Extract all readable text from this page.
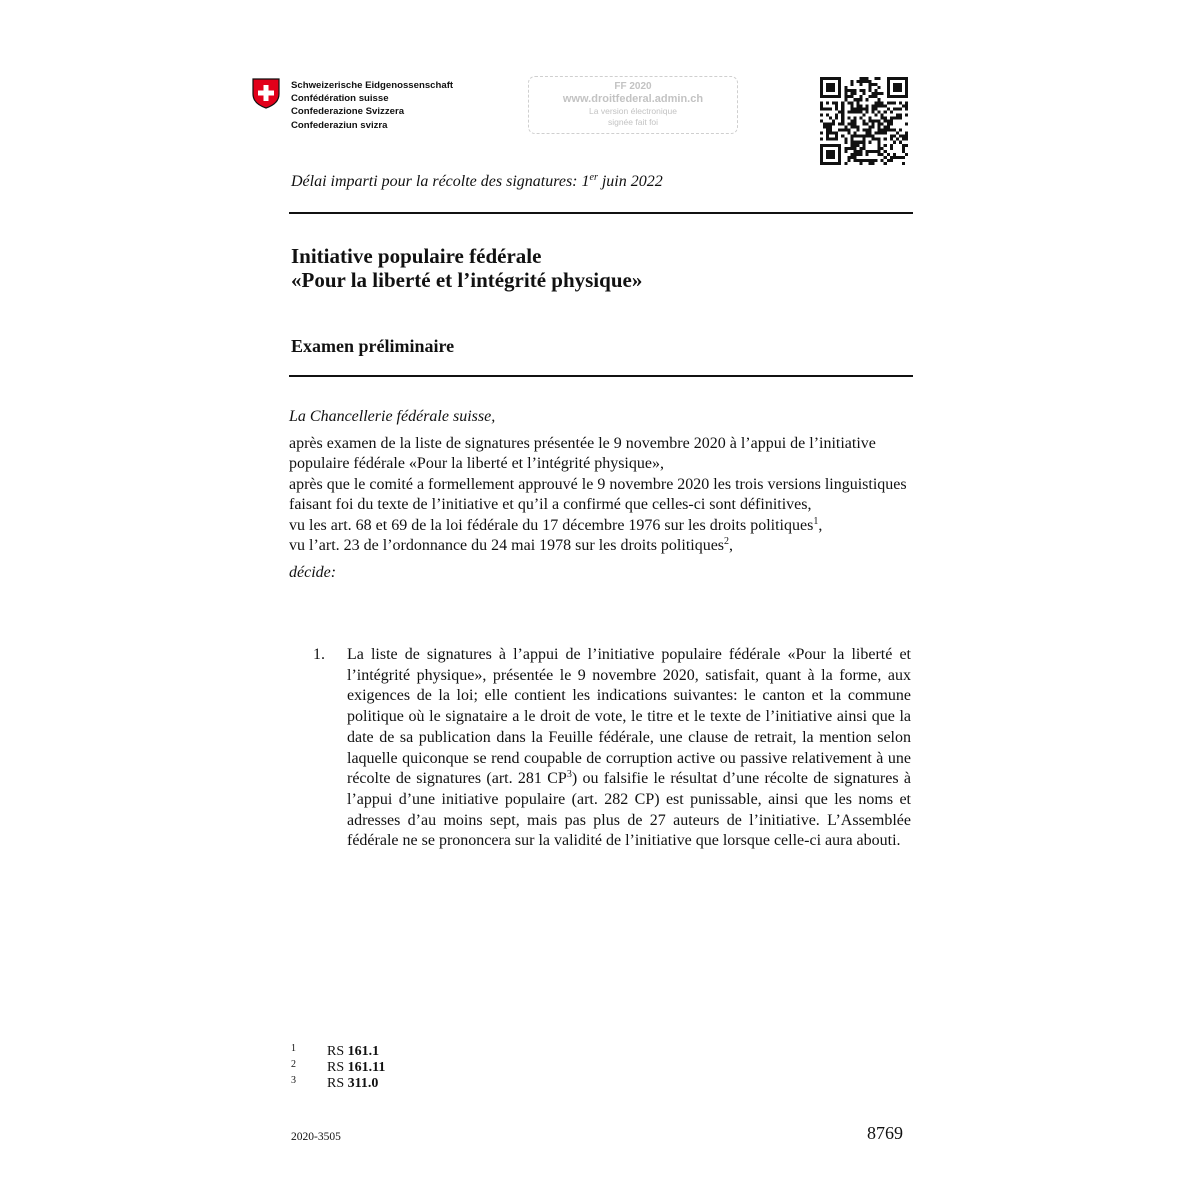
Schweizerische Eidgenossenschaft
Confédération suisse
Confederazione Svizzera
Confederaziun svizra
FF 2020
www.droitfederal.admin.ch
La version électronique
signée fait foi
Délai imparti pour la récolte des signatures: 1er juin 2022
Initiative populaire fédérale
«Pour la liberté et l’intégrité physique»
Examen préliminaire

La Chancellerie fédérale suisse,

après examen de la liste de signatures présentée le 9 novembre 2020 à l’appui de l’initiative populaire fédérale «Pour la liberté et l’intégrité physique»,

après que le comité a formellement approuvé le 9 novembre 2020 les trois versions linguistiques faisant foi du texte de l’initiative et qu’il a confirmé que celles-ci sont définitives,

vu les art. 68 et 69 de la loi fédérale du 17 décembre 1976 sur les droits politiques$^1$,

vu l’art. 23 de l’ordonnance du 24 mai 1978 sur les droits politiques$^2$,

décide:

1. La liste de signatures à l’appui de l’initiative populaire fédérale «Pour la liberté et l’intégrité physique», présentée le 9 novembre 2020, satisfait, quant à la forme, aux exigences de la loi; elle contient les indications suivantes: le canton et la commune politique où le signataire a le droit de vote, le titre et le texte de l’initiative ainsi que la date de sa publication dans la Feuille fédérale, une clause de retrait, la mention selon laquelle quiconque se rend coupable de corruption active ou passive relativement à une récolte de signatures (art. 281 $CP^3$) ou falsifie le résultat d’une récolte de signatures à l’appui d’une initiative populaire (art. 282 CP) est punissable, ainsi que les noms et adresses d’au moins sept, mais pas plus de 27 auteurs de l’initiative. L’Assemblée fédérale ne se prononcera sur la validité de l’initiative que lorsque celle-ci aura abouti.
1 RS 161.1
2 RS 161.11
3 RS 311.0
2020-3505	8769
